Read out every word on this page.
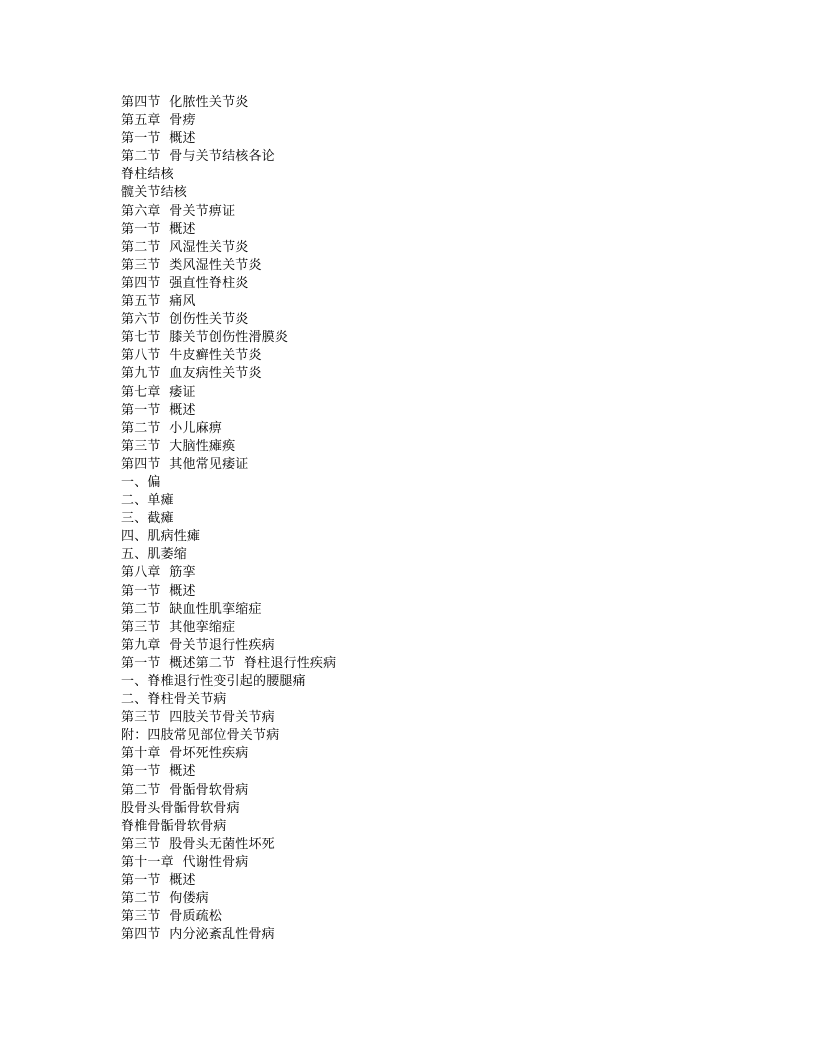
第四节  化脓性关节炎
第五章  骨痨
第一节  概述
第二节  骨与关节结核各论
脊柱结核
髋关节结核
第六章  骨关节痹证
第一节  概述
第二节  风湿性关节炎
第三节  类风湿性关节炎
第四节  强直性脊柱炎
第五节  痛风
第六节  创伤性关节炎
第七节  膝关节创伤性滑膜炎
第八节  牛皮癣性关节炎
第九节  血友病性关节炎
第七章  痿证
第一节  概述
第二节  小儿麻痹
第三节  大脑性瘫痪
第四节  其他常见痿证
一、偏
二、单瘫
三、截瘫
四、肌病性瘫
五、肌萎缩
第八章  筋挛
第一节  概述
第二节  缺血性肌挛缩症
第三节  其他挛缩症
第九章  骨关节退行性疾病
第一节  概述第二节  脊柱退行性疾病
一、脊椎退行性变引起的腰腿痛
二、脊柱骨关节病
第三节  四肢关节骨关节病
附：四肢常见部位骨关节病
第十章  骨坏死性疾病
第一节  概述
第二节  骨骺骨软骨病
股骨头骨骺骨软骨病
脊椎骨骺骨软骨病
第三节  股骨头无菌性坏死
第十一章  代谢性骨病
第一节  概述
第二节  佝偻病
第三节  骨质疏松
第四节  内分泌紊乱性骨病
